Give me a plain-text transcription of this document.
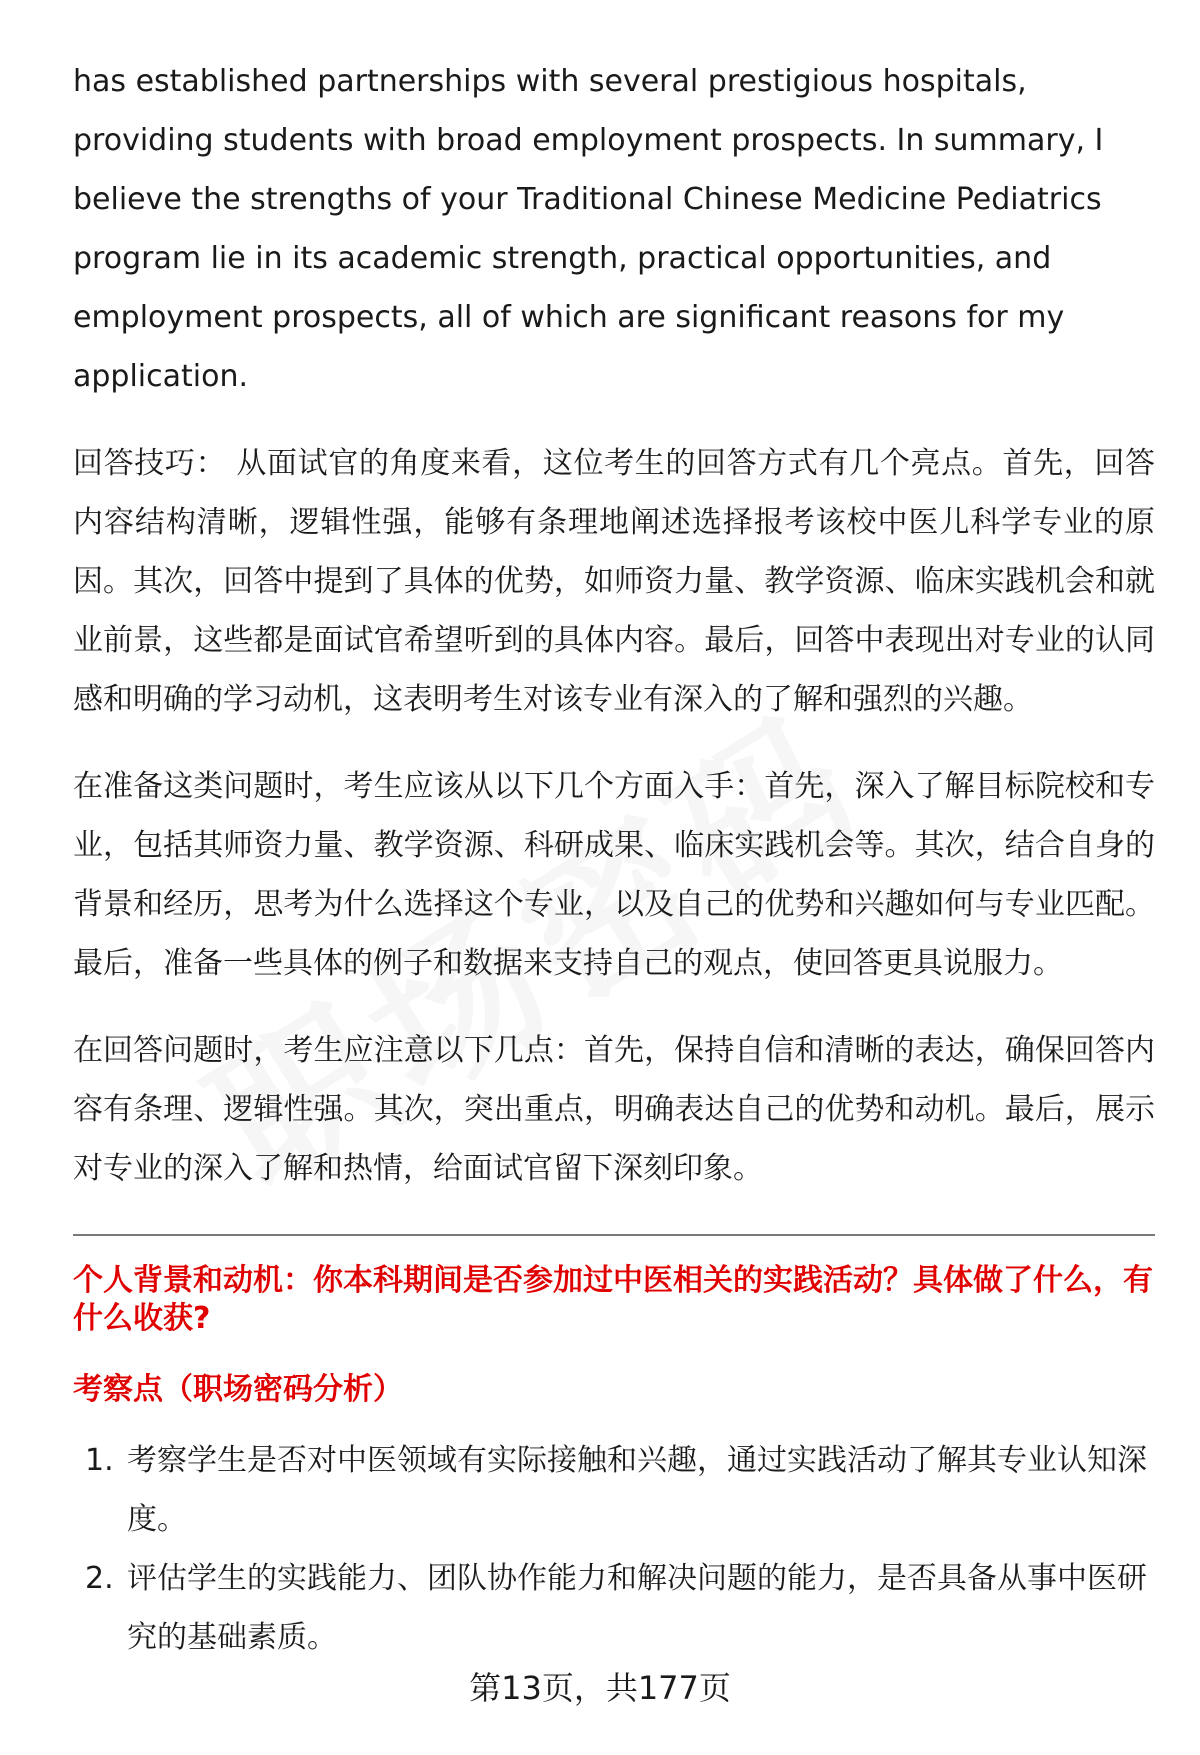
has established partnerships with several prestigious hospitals, providing students with broad employment prospects. In summary, I believe the strengths of your Traditional Chinese Medicine Pediatrics program lie in its academic strength, practical opportunities, and employment prospects, all of which are significant reasons for my application.

回答技巧： 从面试官的角度来看，这位考生的回答方式有几个亮点。首先，回答内容结构清晰，逻辑性强，能够有条理地阐述选择报考该校中医儿科学专业的原因。其次，回答中提到了具体的优势，如师资力量、教学资源、临床实践机会和就业前景，这些都是面试官希望听到的具体内容。最后，回答中表现出对专业的认同感和明确的学习动机，这表明考生对该专业有深入的了解和强烈的兴趣。

在准备这类问题时，考生应该从以下几个方面入手：首先，深入了解目标院校和专业，包括其师资力量、教学资源、科研成果、临床实践机会等。其次，结合自身的背景和经历，思考为什么选择这个专业，以及自己的优势和兴趣如何与专业匹配。最后，准备一些具体的例子和数据来支持自己的观点，使回答更具说服力。

在回答问题时，考生应注意以下几点：首先，保持自信和清晰的表达，确保回答内容有条理、逻辑性强。其次，突出重点，明确表达自己的优势和动机。最后，展示对专业的深入了解和热情，给面试官留下深刻印象。

个人背景和动机：你本科期间是否参加过中医相关的实践活动？具体做了什么，有什么收获?
考察点（职场密码分析）
1. 考察学生是否对中医领域有实际接触和兴趣，通过实践活动了解其专业认知深度。
2. 评估学生的实践能力、团队协作能力和解决问题的能力，是否具备从事中医研究的基础素质。
第13页，共177页
